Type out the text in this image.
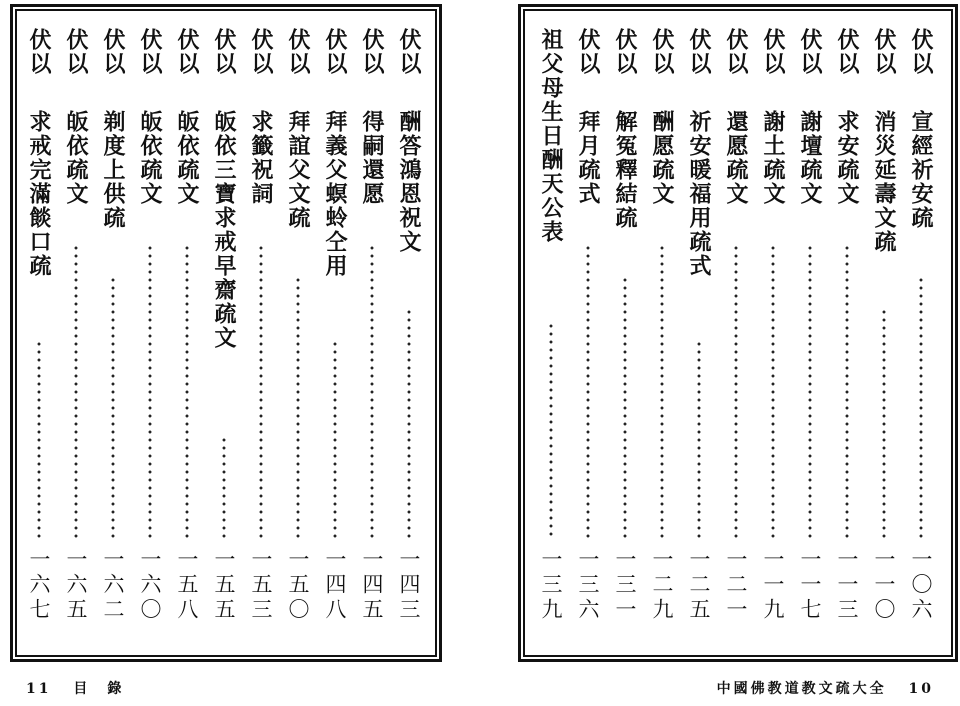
伏以
酬答鴻恩祝文
一四三
伏以
得嗣還愿
一四五
伏以
拜義父螟蛉仝用
一四八
伏以
拜誼父文疏
一五〇
伏以
求籤祝詞
一五三
伏以
皈依三寶求戒早齋疏文
一五五
伏以
皈依疏文
一五八
伏以
皈依疏文
一六〇
伏以
剃度上供疏
一六二
伏以
皈依疏文
一六五
伏以
求戒完滿餤口疏
一六七
伏以
宣經祈安疏
一〇六
伏以
消災延壽文疏
一一〇
伏以
求安疏文
一一三
伏以
謝壇疏文
一一七
伏以
謝土疏文
一一九
伏以
還愿疏文
一二一
伏以
祈安暖福用疏式
一二五
伏以
酬愿疏文
一二九
伏以
解冤釋結疏
一三一
伏以
拜月疏式
一三六
祖父母生日酬天公表
一三九
11 目　錄	中國佛教道教文疏大全 10
